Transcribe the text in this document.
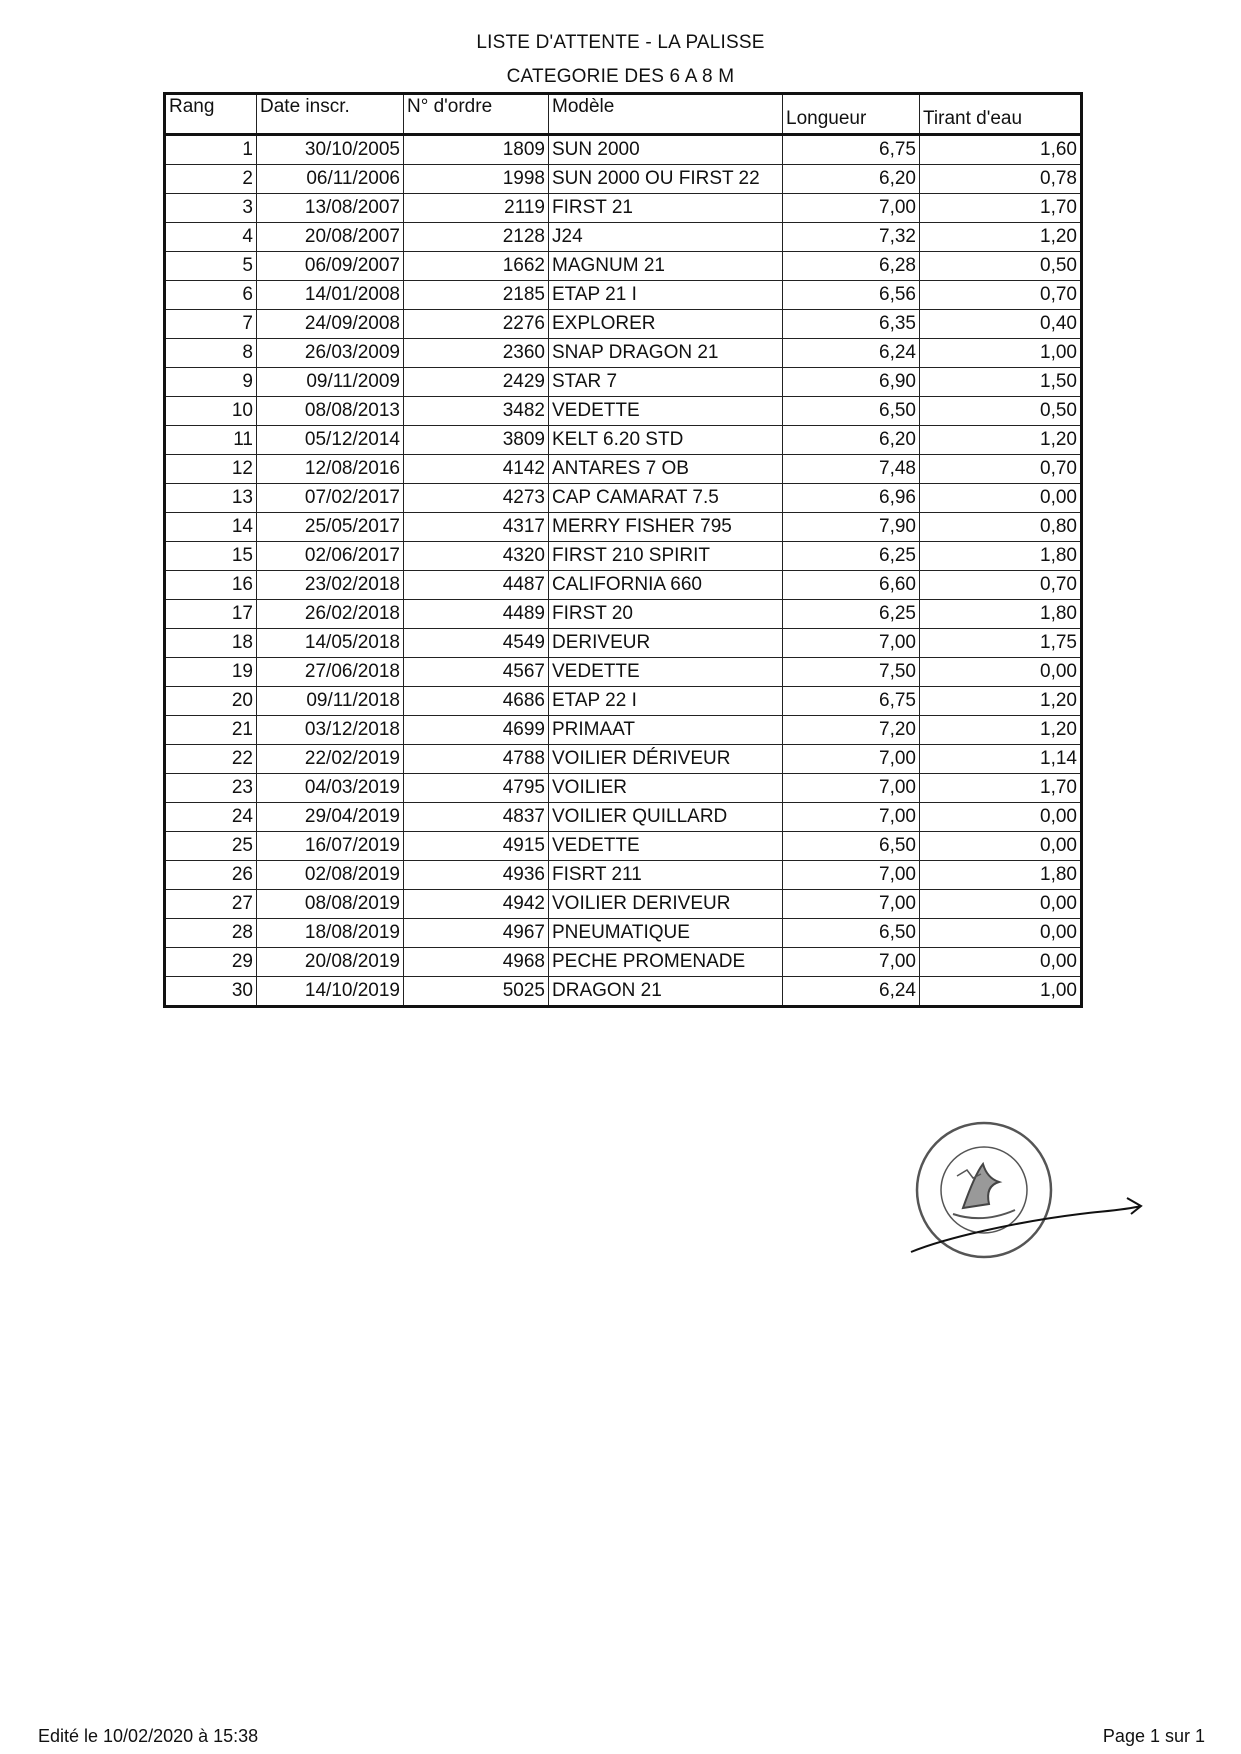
LISTE D'ATTENTE - LA PALISSE
CATEGORIE DES 6 A 8 M
Rang	Date inscr.	N° d'ordre	Modèle	Longueur	Tirant d'eau
1	30/10/2005	1809	SUN 2000	6,75	1,60
2	06/11/2006	1998	SUN 2000 OU FIRST 22	6,20	0,78
3	13/08/2007	2119	FIRST 21	7,00	1,70
4	20/08/2007	2128	J24	7,32	1,20
5	06/09/2007	1662	MAGNUM 21	6,28	0,50
6	14/01/2008	2185	ETAP 21 I	6,56	0,70
7	24/09/2008	2276	EXPLORER	6,35	0,40
8	26/03/2009	2360	SNAP DRAGON 21	6,24	1,00
9	09/11/2009	2429	STAR 7	6,90	1,50
10	08/08/2013	3482	VEDETTE	6,50	0,50
11	05/12/2014	3809	KELT 6.20 STD	6,20	1,20
12	12/08/2016	4142	ANTARES 7 OB	7,48	0,70
13	07/02/2017	4273	CAP CAMARAT 7.5	6,96	0,00
14	25/05/2017	4317	MERRY FISHER 795	7,90	0,80
15	02/06/2017	4320	FIRST 210 SPIRIT	6,25	1,80
16	23/02/2018	4487	CALIFORNIA 660	6,60	0,70
17	26/02/2018	4489	FIRST 20	6,25	1,80
18	14/05/2018	4549	DERIVEUR	7,00	1,75
19	27/06/2018	4567	VEDETTE	7,50	0,00
20	09/11/2018	4686	ETAP 22 I	6,75	1,20
21	03/12/2018	4699	PRIMAAT	7,20	1,20
22	22/02/2019	4788	VOILIER DÉRIVEUR	7,00	1,14
23	04/03/2019	4795	VOILIER	7,00	1,70
24	29/04/2019	4837	VOILIER QUILLARD	7,00	0,00
25	16/07/2019	4915	VEDETTE	6,50	0,00
26	02/08/2019	4936	FISRT 211	7,00	1,80
27	08/08/2019	4942	VOILIER DERIVEUR	7,00	0,00
28	18/08/2019	4967	PNEUMATIQUE	6,50	0,00
29	20/08/2019	4968	PECHE PROMENADE	7,00	0,00
30	14/10/2019	5025	DRAGON 21	6,24	1,00
Edité le 10/02/2020 à 15:38	Page 1 sur 1
